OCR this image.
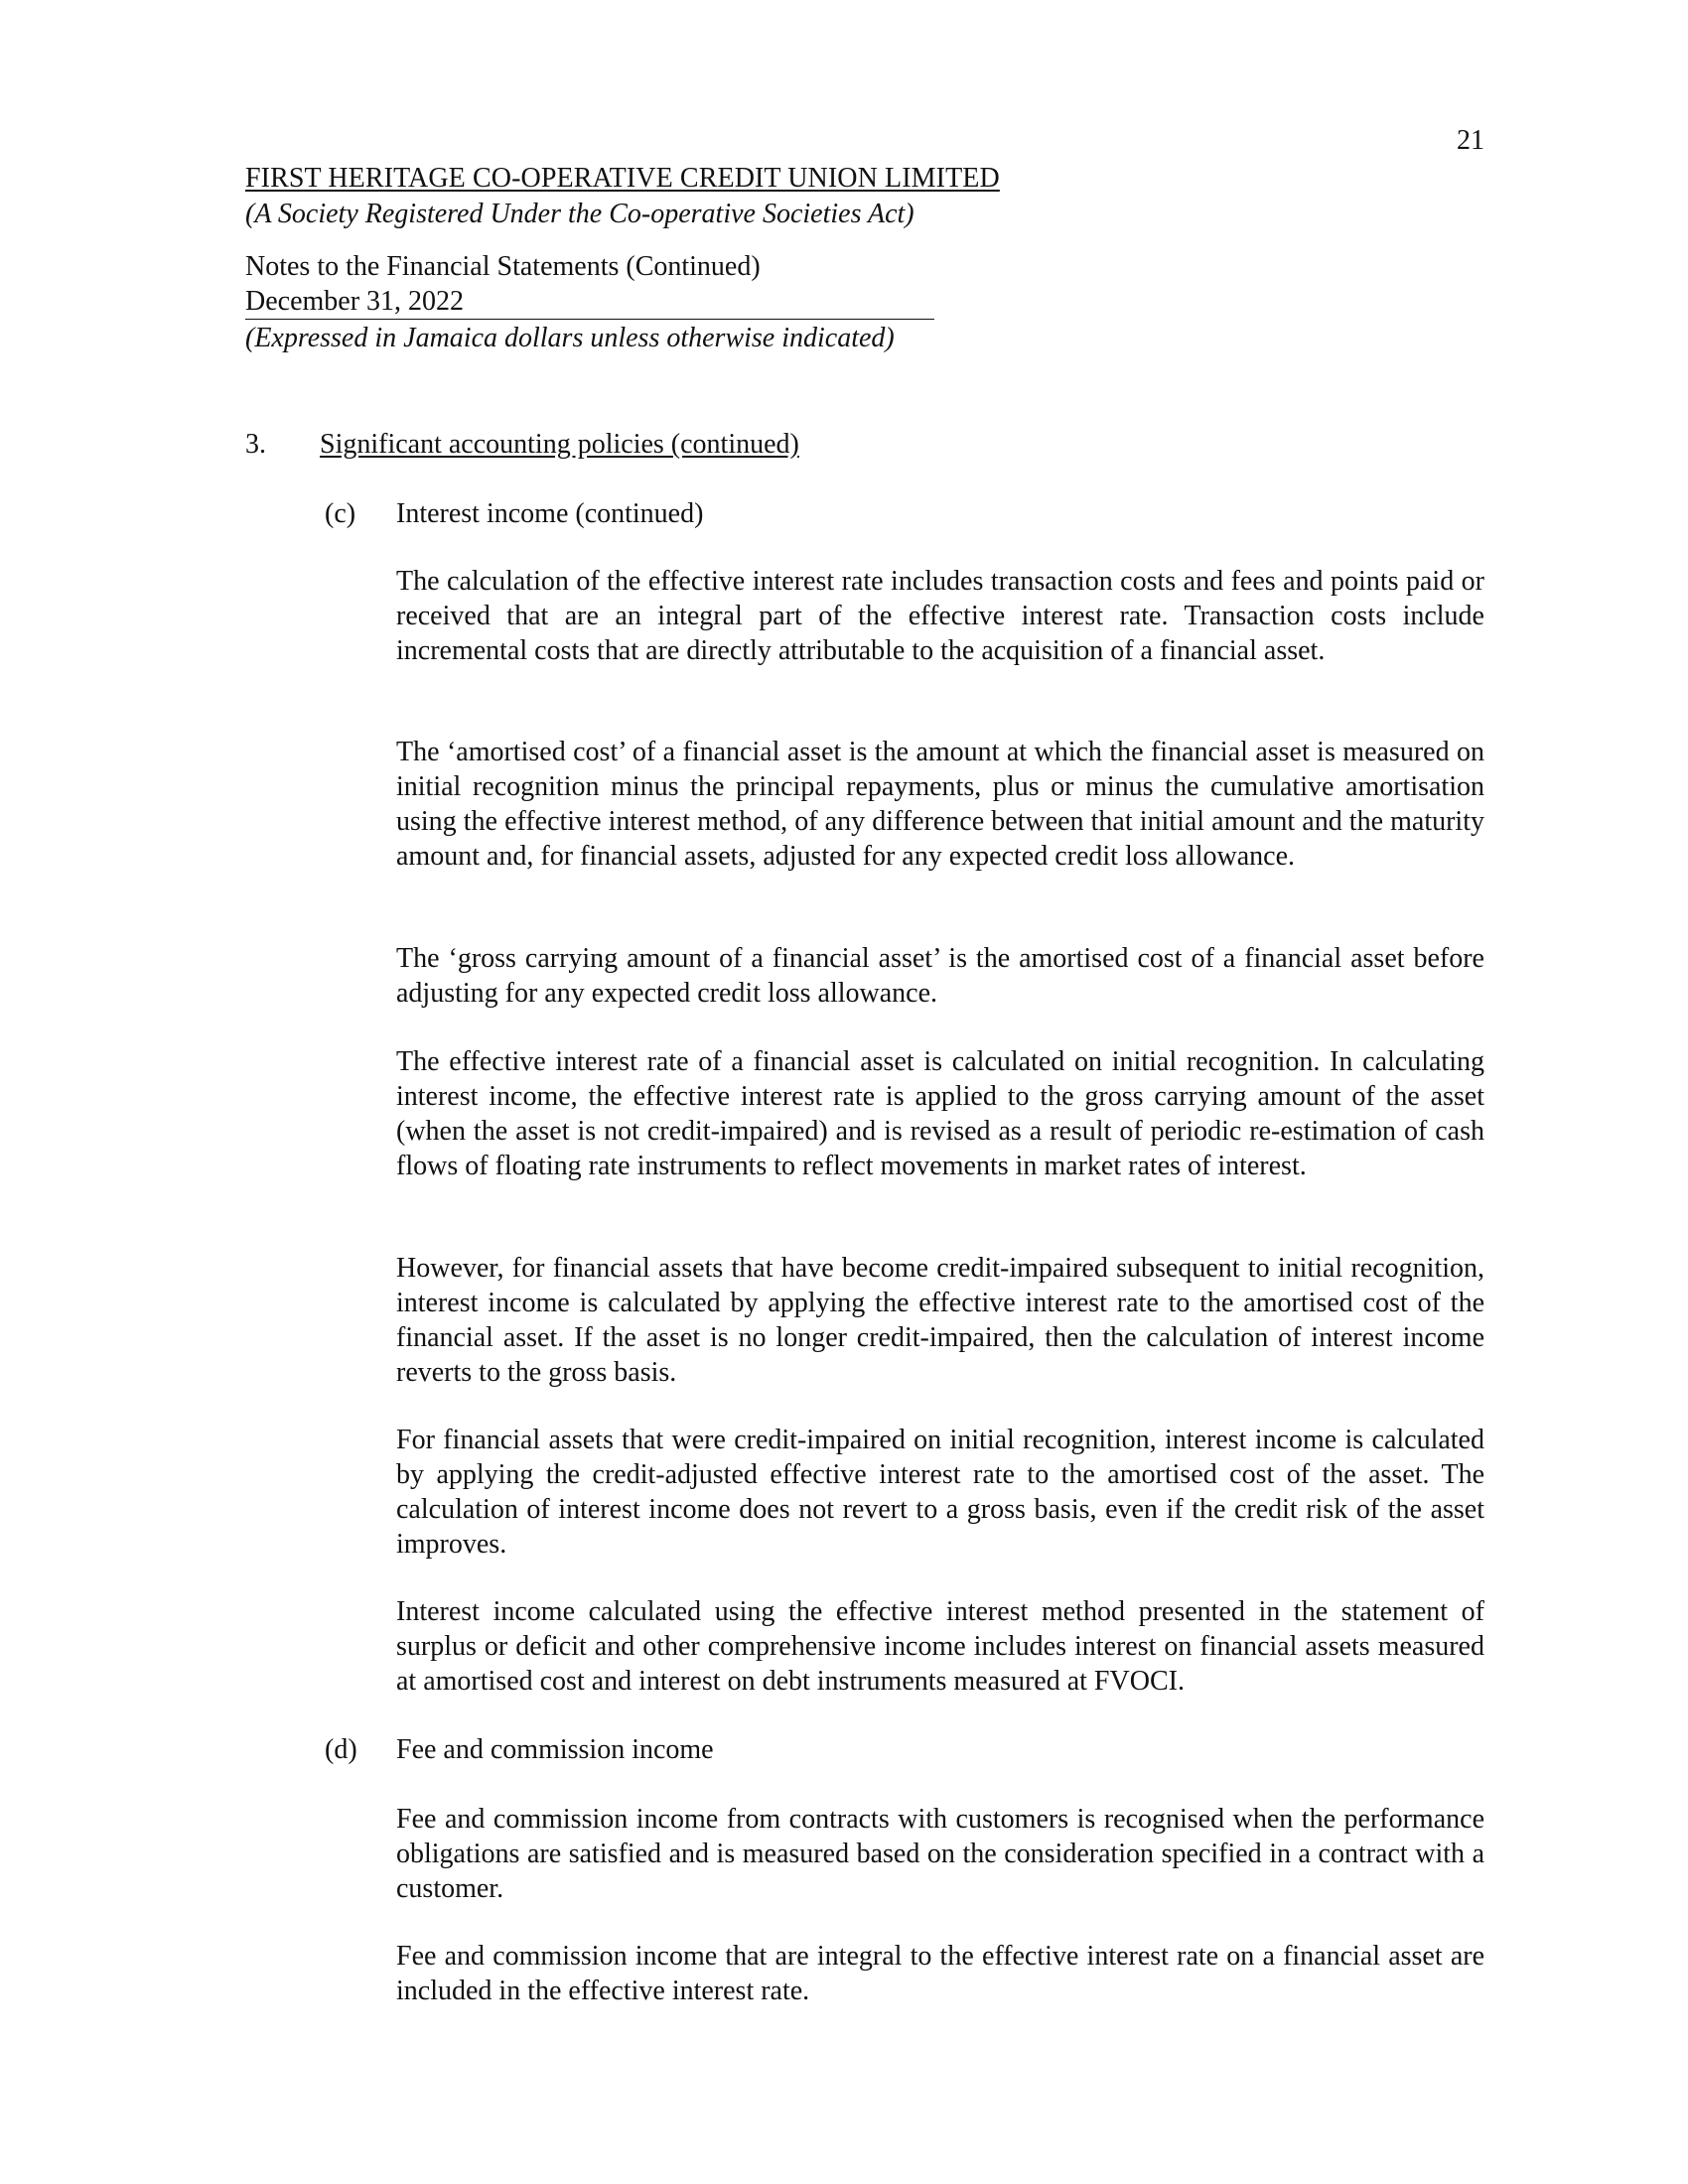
21
FIRST HERITAGE CO-OPERATIVE CREDIT UNION LIMITED
(A Society Registered Under the Co-operative Societies Act)
Notes to the Financial Statements (Continued)
December 31, 2022
(Expressed in Jamaica dollars unless otherwise indicated)
3. Significant accounting policies (continued)
(c) Interest income (continued)

The calculation of the effective interest rate includes transaction costs and fees and points paid or received that are an integral part of the effective interest rate. Transaction costs include incremental costs that are directly attributable to the acquisition of a financial asset.

The ‘amortised cost’ of a financial asset is the amount at which the financial asset is measured on initial recognition minus the principal repayments, plus or minus the cumulative amortisation using the effective interest method, of any difference between that initial amount and the maturity amount and, for financial assets, adjusted for any expected credit loss allowance.

The ‘gross carrying amount of a financial asset’ is the amortised cost of a financial asset before adjusting for any expected credit loss allowance.

The effective interest rate of a financial asset is calculated on initial recognition. In calculating interest income, the effective interest rate is applied to the gross carrying amount of the asset (when the asset is not credit-impaired) and is revised as a result of periodic re-estimation of cash flows of floating rate instruments to reflect movements in market rates of interest.

However, for financial assets that have become credit-impaired subsequent to initial recognition, interest income is calculated by applying the effective interest rate to the amortised cost of the financial asset. If the asset is no longer credit-impaired, then the calculation of interest income reverts to the gross basis.

For financial assets that were credit-impaired on initial recognition, interest income is calculated by applying the credit-adjusted effective interest rate to the amortised cost of the asset. The calculation of interest income does not revert to a gross basis, even if the credit risk of the asset improves.

Interest income calculated using the effective interest method presented in the statement of surplus or deficit and other comprehensive income includes interest on financial assets measured at amortised cost and interest on debt instruments measured at FVOCI.

(d) Fee and commission income

Fee and commission income from contracts with customers is recognised when the performance obligations are satisfied and is measured based on the consideration specified in a contract with a customer.

Fee and commission income that are integral to the effective interest rate on a financial asset are included in the effective interest rate.
